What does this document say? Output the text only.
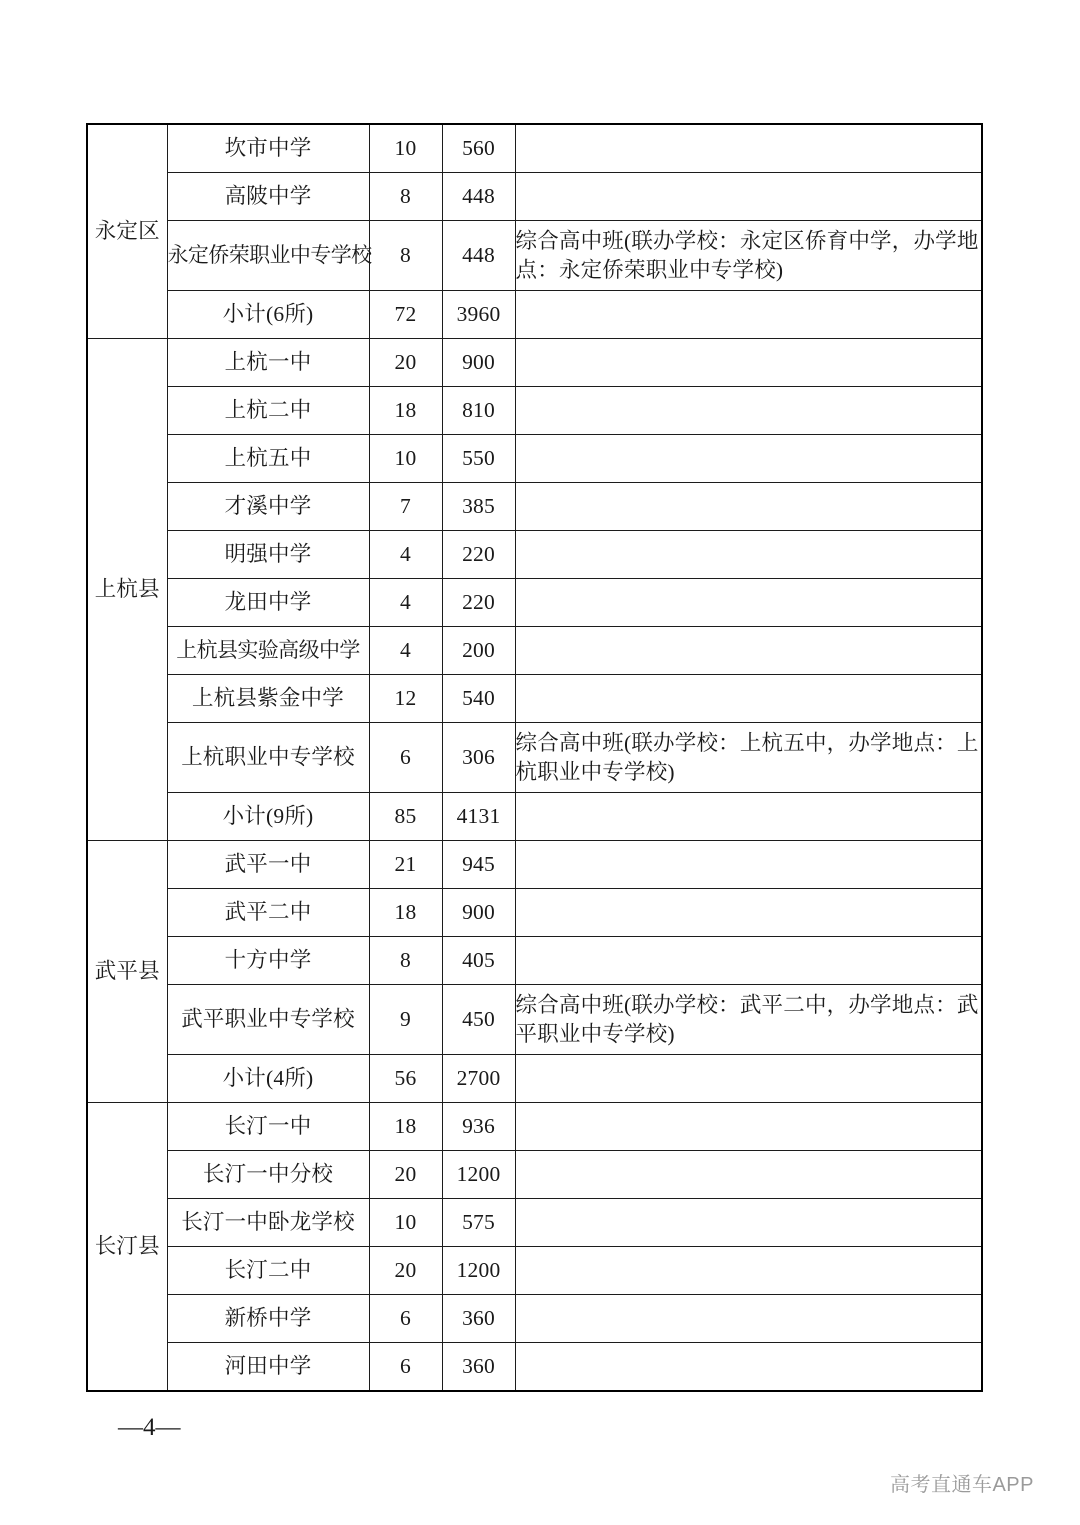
永定区	坎市中学	10	560	
	高陂中学	8	448	
	永定侨荣职业中专学校	8	448	综合高中班(联办学校：永定区侨育中学，办学地点：永定侨荣职业中专学校)
	小计(6所)	72	3960	
上杭县	上杭一中	20	900	
	上杭二中	18	810	
	上杭五中	10	550	
	才溪中学	7	385	
	明强中学	4	220	
	龙田中学	4	220	
	上杭县实验高级中学	4	200	
	上杭县紫金中学	12	540	
	上杭职业中专学校	6	306	综合高中班(联办学校：上杭五中，办学地点：上杭职业中专学校)
	小计(9所)	85	4131	
武平县	武平一中	21	945	
	武平二中	18	900	
	十方中学	8	405	
	武平职业中专学校	9	450	综合高中班(联办学校：武平二中，办学地点：武平职业中专学校)
	小计(4所)	56	2700	
长汀县	长汀一中	18	936	
	长汀一中分校	20	1200	
	长汀一中卧龙学校	10	575	
	长汀二中	20	1200	
	新桥中学	6	360	
	河田中学	6	360	
—4—
高考直通车APP
